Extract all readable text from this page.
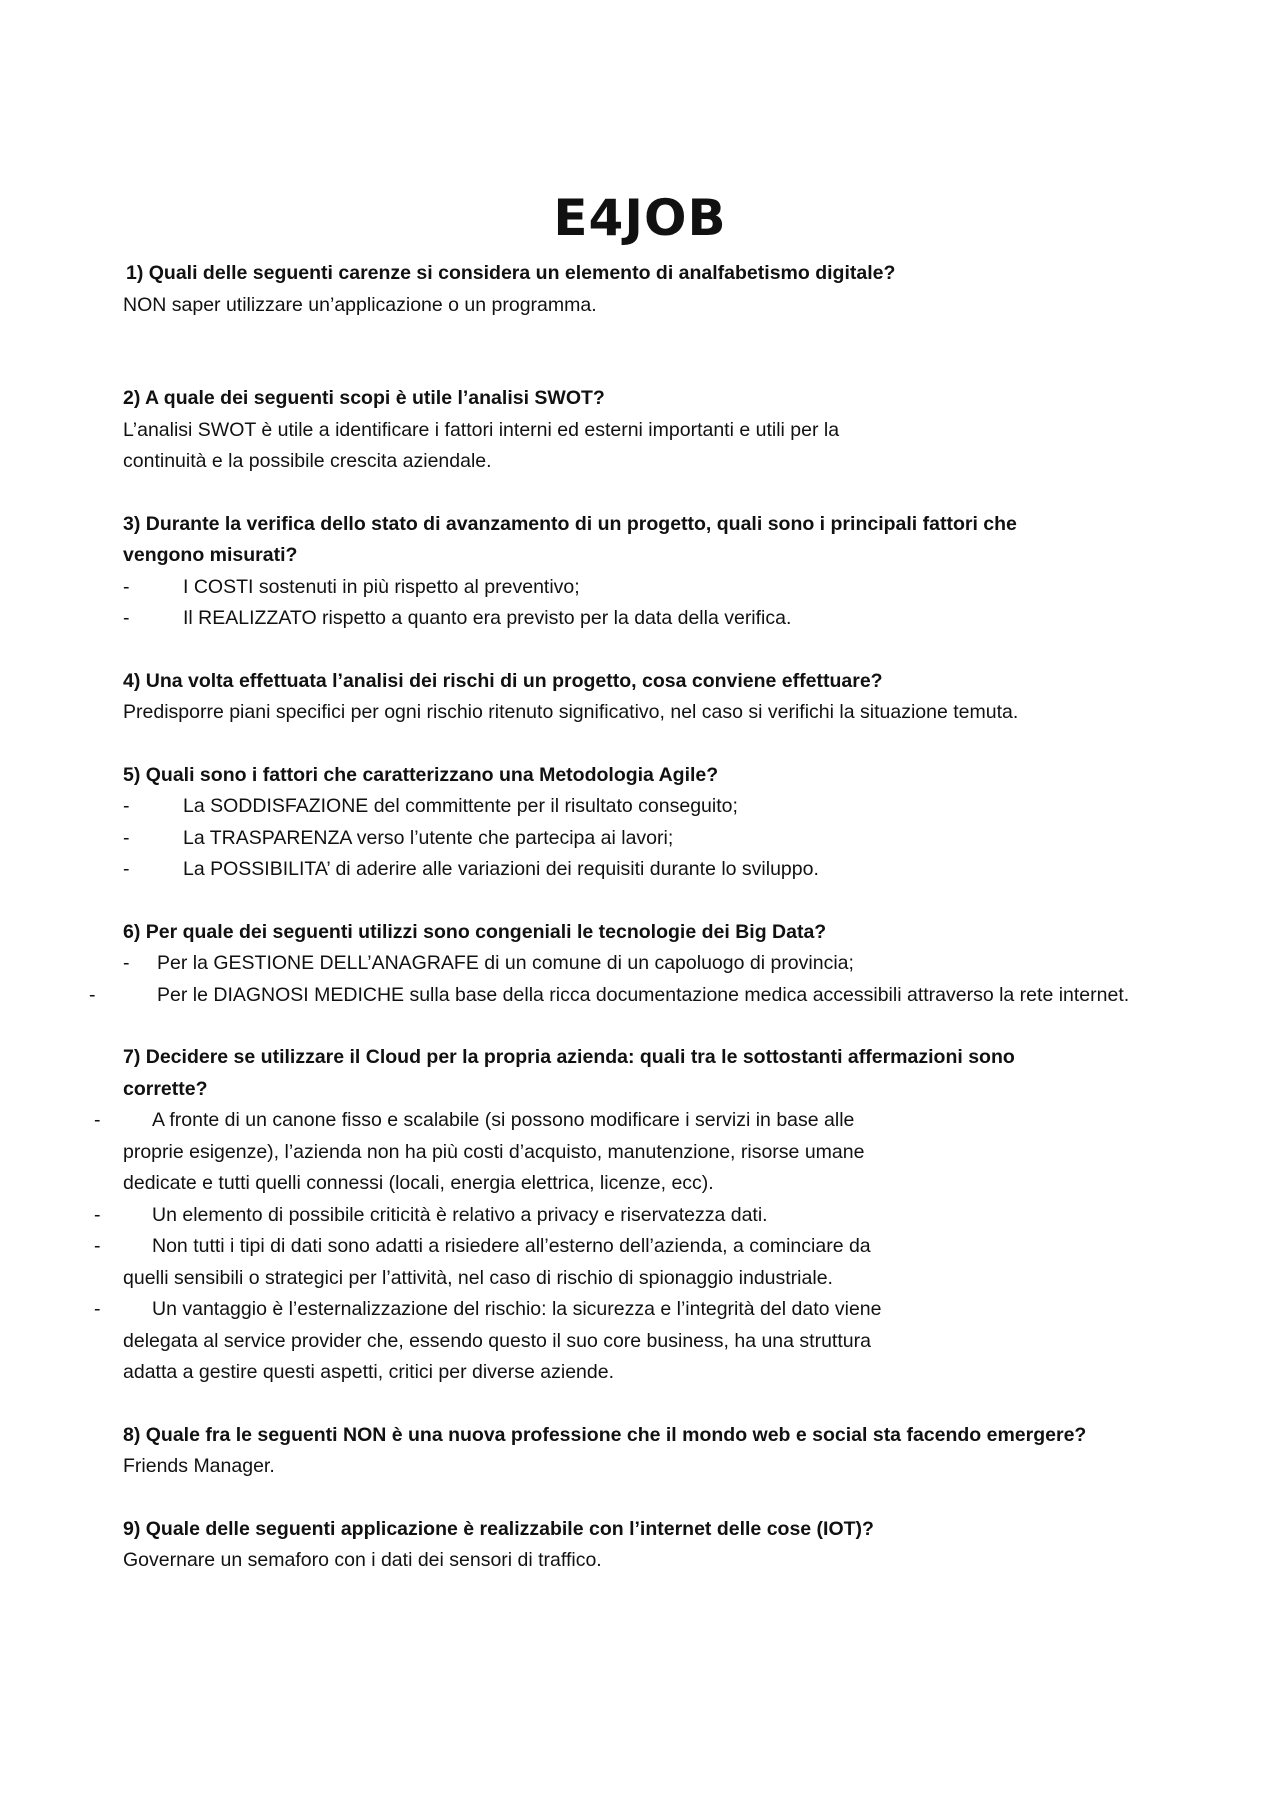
E4JOB

1) Quali delle seguenti carenze si considera un elemento di analfabetismo digitale?

NON saper utilizzare un’applicazione o un programma.

2) A quale dei seguenti scopi è utile l’analisi SWOT?

L’analisi SWOT è utile a identificare i fattori interni ed esterni importanti e utili per la

continuità e la possibile crescita aziendale.

3) Durante la verifica dello stato di avanzamento di un progetto, quali sono i principali fattori che

vengono misurati?

-	I COSTI sostenuti in più rispetto al preventivo;

-	Il REALIZZATO rispetto a quanto era previsto per la data della verifica.

4) Una volta effettuata l’analisi dei rischi di un progetto, cosa conviene effettuare?

Predisporre piani specifici per ogni rischio ritenuto significativo, nel caso si verifichi la situazione temuta.

5) Quali sono i fattori che caratterizzano una Metodologia Agile?

-	La SODDISFAZIONE del committente per il risultato conseguito;

-	La TRASPARENZA verso l’utente che partecipa ai lavori;

-	La POSSIBILITA’ di aderire alle variazioni dei requisiti durante lo sviluppo.

6) Per quale dei seguenti utilizzi sono congeniali le tecnologie dei Big Data?

- Per la GESTIONE DELL’ANAGRAFE di un comune di un capoluogo di provincia;

-	Per le DIAGNOSI MEDICHE sulla base della ricca documentazione medica accessibili attraverso la rete internet.

7) Decidere se utilizzare il Cloud per la propria azienda: quali tra le sottostanti affermazioni sono

corrette?

-	A fronte di un canone fisso e scalabile (si possono modificare i servizi in base alle proprie esigenze), l’azienda non ha più costi d’acquisto, manutenzione, risorse umane dedicate e tutti quelli connessi (locali, energia elettrica, licenze, ecc).

-	Un elemento di possibile criticità è relativo a privacy e riservatezza dati.

-	Non tutti i tipi di dati sono adatti a risiedere all’esterno dell’azienda, a cominciare da quelli sensibili o strategici per l’attività, nel caso di rischio di spionaggio industriale.

-	Un vantaggio è l’esternalizzazione del rischio: la sicurezza e l’integrità del dato viene delegata al service provider che, essendo questo il suo core business, ha una struttura adatta a gestire questi aspetti, critici per diverse aziende.

8) Quale fra le seguenti NON è una nuova professione che il mondo web e social sta facendo emergere?

Friends Manager.

9) Quale delle seguenti applicazione è realizzabile con l’internet delle cose (IOT)?

Governare un semaforo con i dati dei sensori di traffico.
